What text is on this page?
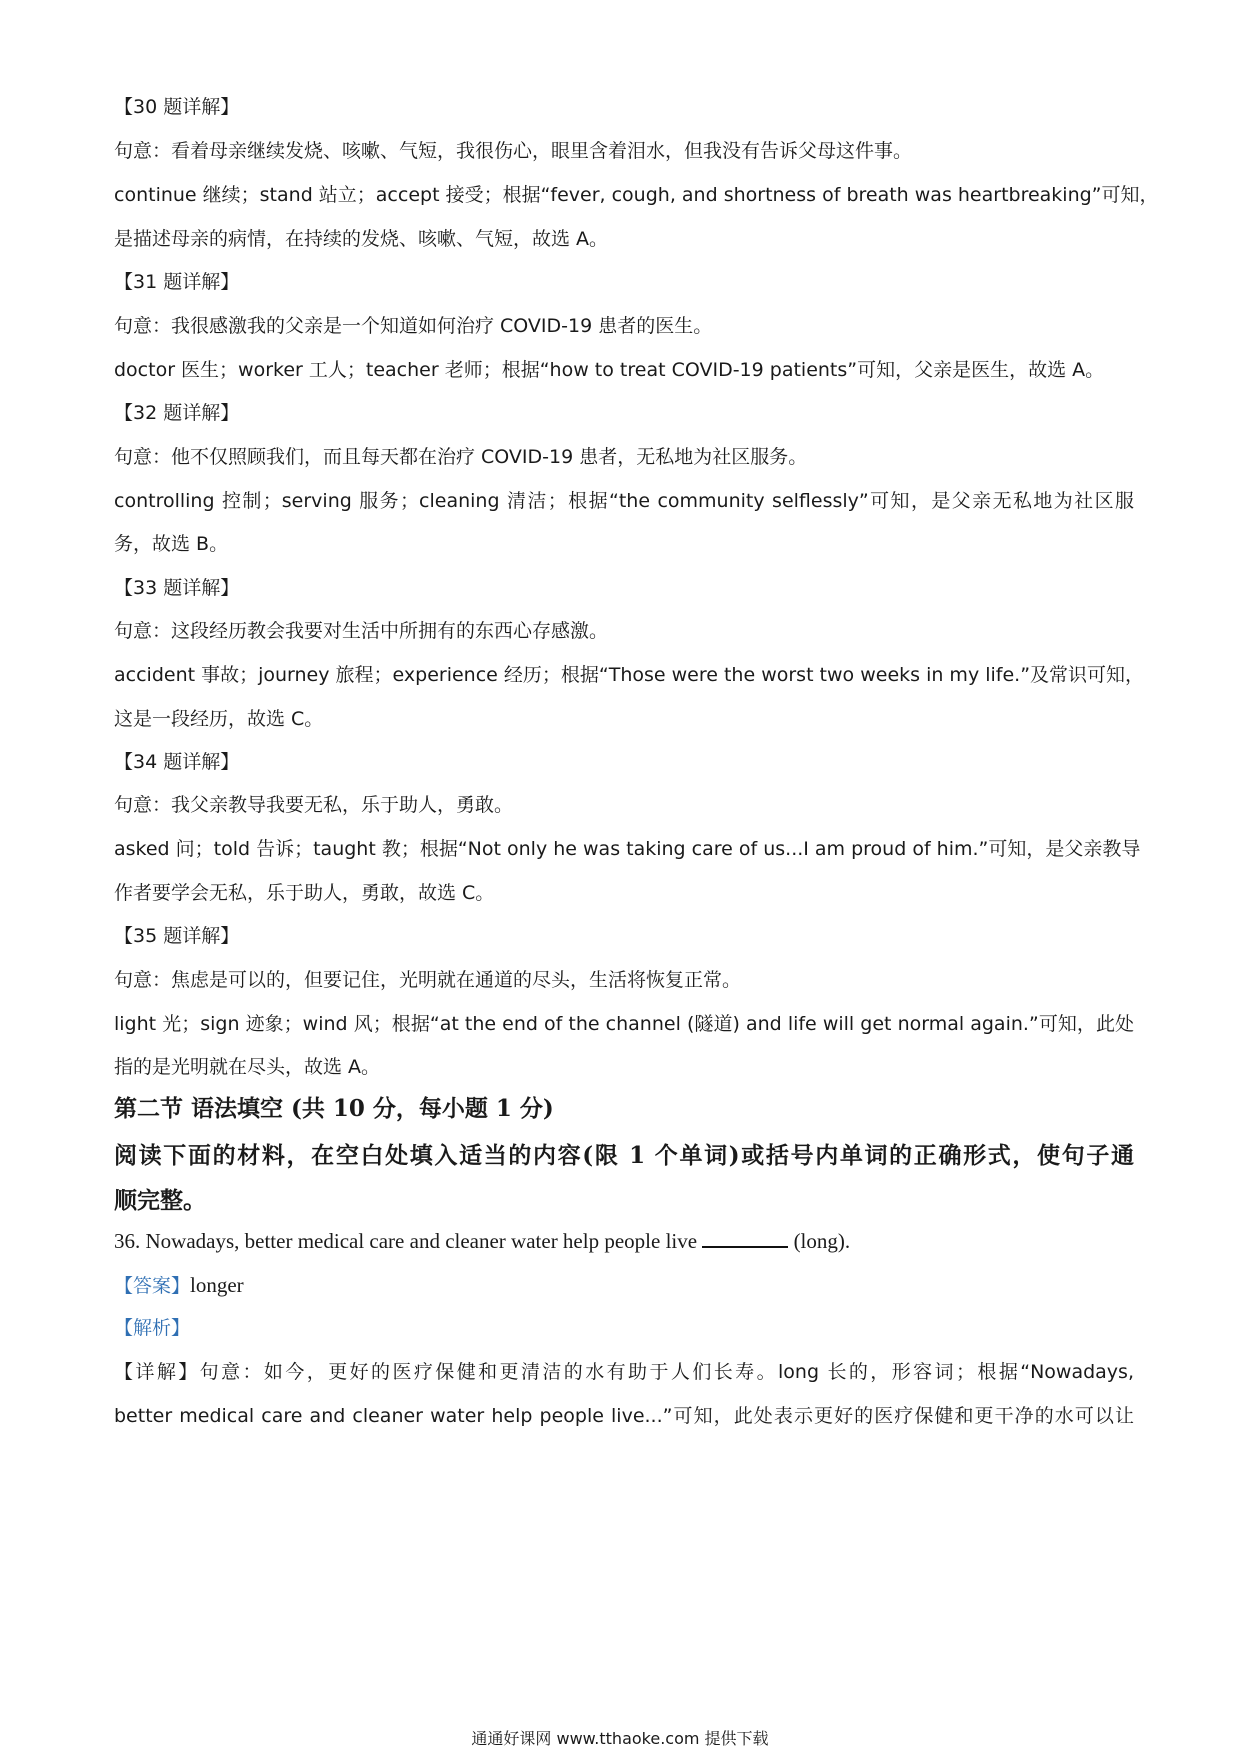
【30 题详解】

句意：看着母亲继续发烧、咳嗽、气短，我很伤心，眼里含着泪水，但我没有告诉父母这件事。

continue 继续；stand 站立；accept 接受；根据“fever, cough, and shortness of breath was heartbreaking”可知，

是描述母亲的病情，在持续的发烧、咳嗽、气短，故选 A。

【31 题详解】

句意：我很感激我的父亲是一个知道如何治疗 COVID-19 患者的医生。

doctor 医生；worker 工人；teacher 老师；根据“how to treat COVID-19 patients”可知，父亲是医生，故选 A。

【32 题详解】

句意：他不仅照顾我们，而且每天都在治疗 COVID-19 患者，无私地为社区服务。

controlling 控制；serving 服务；cleaning 清洁；根据“the community selflessly”可知，是父亲无私地为社区服

务，故选 B。

【33 题详解】

句意：这段经历教会我要对生活中所拥有的东西心存感激。

accident 事故；journey 旅程；experience 经历；根据“Those were the worst two weeks in my life.”及常识可知，

这是一段经历，故选 C。

【34 题详解】

句意：我父亲教导我要无私，乐于助人，勇敢。

asked 问；told 告诉；taught 教；根据“Not only he was taking care of us...I am proud of him.”可知，是父亲教导

作者要学会无私，乐于助人，勇敢，故选 C。

【35 题详解】

句意：焦虑是可以的，但要记住，光明就在通道的尽头，生活将恢复正常。

light 光；sign 迹象；wind 风；根据“at the end of the channel (隧道) and life will get normal again.”可知，此处

指的是光明就在尽头，故选 A。

第二节 语法填空 (共 10 分，每小题 1 分)

阅读下面的材料，在空白处填入适当的内容(限 1 个单词)或括号内单词的正确形式，使句子通

顺完整。

36. Nowadays, better medical care and cleaner water help people live	(long).

【答案】longer

【解析】

【详解】句意：如今，更好的医疗保健和更清洁的水有助于人们长寿。long 长的，形容词；根据“Nowadays,

better medical care and cleaner water help people live...”可知，此处表示更好的医疗保健和更干净的水可以让

通通好课网 www.tthaoke.com 提供下载
